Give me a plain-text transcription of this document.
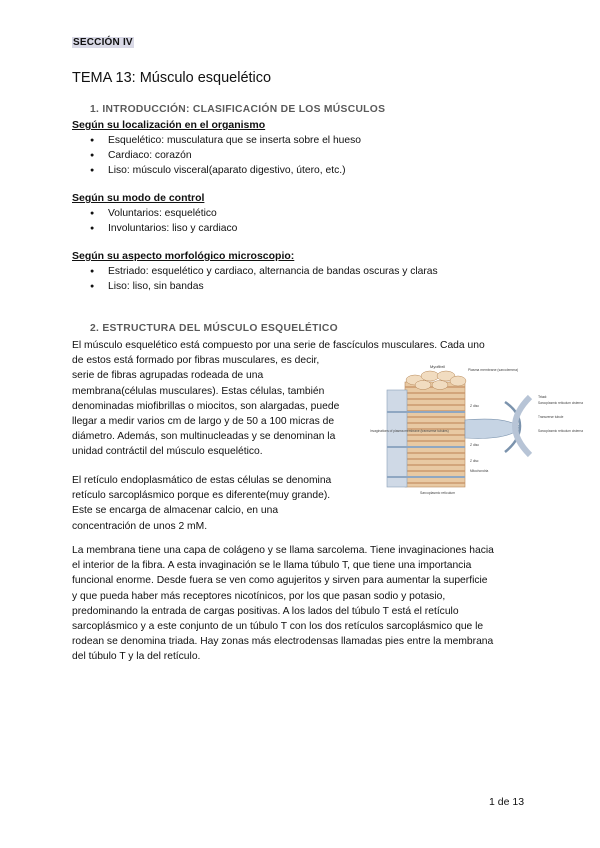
SECCIÓN IV
TEMA 13: Músculo esquelético
1. INTRODUCCIÓN: CLASIFICACIÓN DE LOS MÚSCULOS
Según su localización en el organismo
● Esquelético: musculatura que se inserta sobre el hueso
● Cardiaco: corazón
● Liso: músculo visceral(aparato digestivo, útero, etc.)
Según su modo de control
● Voluntarios: esquelético
● Involuntarios: liso y cardiaco
Según su aspecto morfológico microscopio:
● Estriado: esquelético y cardiaco, alternancia de bandas oscuras y claras
● Liso: liso, sin bandas
2. ESTRUCTURA DEL MÚSCULO ESQUELÉTICO
El músculo esquelético está compuesto por una serie de fascículos musculares. Cada uno
de estos está formado por fibras musculares, es decir,
serie de fibras agrupadas rodeada de una
membrana(células musculares). Estas células, también
denominadas miofibrillas o miocitos, son alargadas, puede
llegar a medir varios cm de largo y de 50 a 100 micras de
diámetro. Además, son multinucleadas y se denominan la
unidad contráctil del músculo esquelético.
El retículo endoplasmático de estas células se denomina
retículo sarcoplásmico porque es diferente(muy grande).
Este se encarga de almacenar calcio, en una
concentración de unos 2 mM.
La membrana tiene una capa de colágeno y se llama sarcolema. Tiene invaginaciones hacia
el interior de la fibra. A esta invaginación se le llama túbulo T, que tiene una importancia
funcional enorme. Desde fuera se ven como agujeritos y sirven para aumentar la superficie
y que pueda haber más receptores nicotínicos, por los que pasan sodio y potasio,
predominando la entrada de cargas positivas. A los lados del túbulo T está el retículo
sarcoplásmico y a este conjunto de un túbulo T con los dos retículos sarcoplásmico que le
rodean se denomina triada. Hay zonas más electrodensas llamadas pies entre la membrana
del túbulo T y la del retículo.
Myofibril
Plasma membrane (sarcolemma)
Triad:
Sarcoplasmic reticulum cisterna
Transverse tubule
Sarcoplasmic reticulum cisterna
Z disc
Z disc
Invaginations of plasma membrane (transverse tubules)
Sarcoplasmic reticulum
Z disc
Mitochondria
1 de 13
